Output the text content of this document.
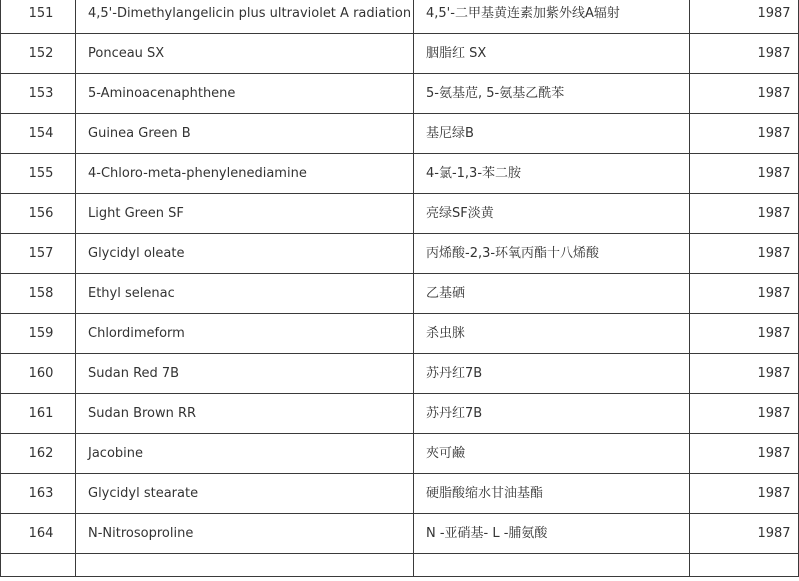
151	4,5'-Dimethylangelicin plus ultraviolet A radiation	4,5'-二甲基黄连素加紫外线A辐射	1987
152	Ponceau SX	胭脂红 SX	1987
153	5-Aminoacenaphthene	5-氨基苊, 5-氨基乙酰苯	1987
154	Guinea Green B	基尼绿B	1987
155	4-Chloro-meta-phenylenediamine	4-氯-1,3-苯二胺	1987
156	Light Green SF	亮绿SF淡黄	1987
157	Glycidyl oleate	丙烯酸-2,3-环氧丙酯十八烯酸	1987
158	Ethyl selenac	乙基硒	1987
159	Chlordimeform	杀虫脒	1987
160	Sudan Red 7B	苏丹红7B	1987
161	Sudan Brown RR	苏丹红7B	1987
162	Jacobine	夾可鹼	1987
163	Glycidyl stearate	硬脂酸缩水甘油基酯	1987
164	N-Nitrosoproline	N -亚硝基- L -脯氨酸	1987
